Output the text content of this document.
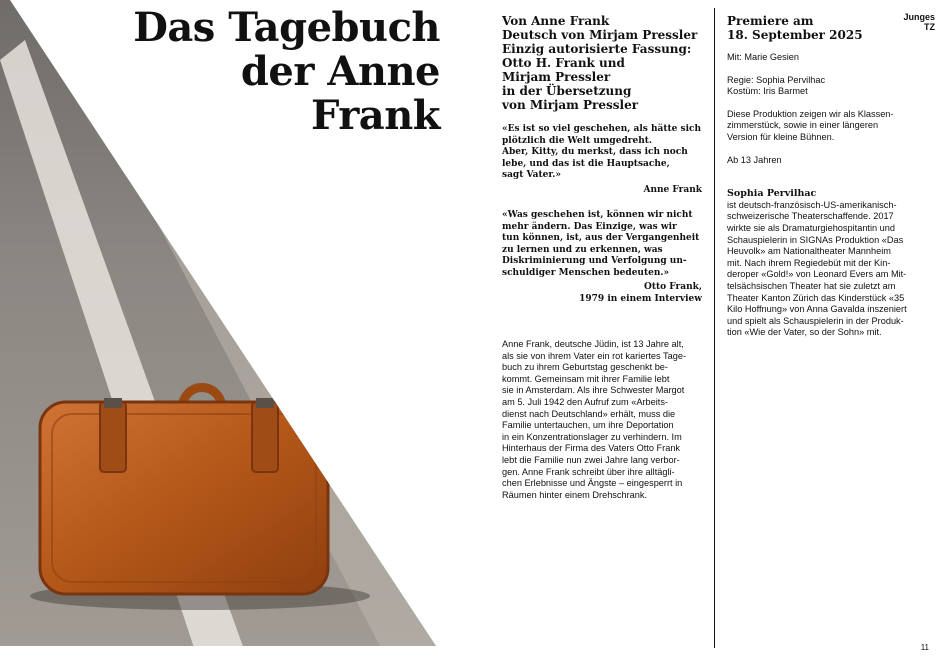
Das Tagebuch
der Anne Frank
Von Anne Frank
Deutsch von Mirjam Pressler
Einzig autorisierte Fassung:
Otto H. Frank und
Mirjam Pressler
in der Übersetzung
von Mirjam Pressler
«Es ist so viel geschehen, als hätte sich
plötzlich die Welt umgedreht.
Aber, Kitty, du merkst, dass ich noch
lebe, und das ist die Hauptsache,
sagt Vater.»
Anne Frank
«Was geschehen ist, können wir nicht
mehr ändern. Das Einzige, was wir
tun können, ist, aus der Vergangenheit
zu lernen und zu erkennen, was
Diskriminierung und Verfolgung un-
schuldiger Menschen bedeuten.»
Otto Frank,
1979 in einem Interview
Anne Frank, deutsche Jüdin, ist 13 Jahre alt,
als sie von ihrem Vater ein rot kariertes Tage-
buch zu ihrem Geburtstag geschenkt be-
kommt. Gemeinsam mit ihrer Familie lebt
sie in Amsterdam. Als ihre Schwester Margot
am 5. Juli 1942 den Aufruf zum «Arbeits-
dienst nach Deutschland» erhält, muss die
Familie untertauchen, um ihre Deportation
in ein Konzentrationslager zu verhindern. Im
Hinterhaus der Firma des Vaters Otto Frank
lebt die Familie nun zwei Jahre lang verbor-
gen. Anne Frank schreibt über ihre alltägli-
chen Erlebnisse und Ängste – eingesperrt in
Räumen hinter einem Drehschrank.
Premiere am
18. September 2025
Mit: Marie Gesien
Regie: Sophia Pervilhac
Kostüm: Iris Barmet
Diese Produktion zeigen wir als Klassen-
zimmerstück, sowie in einer längeren
Version für kleine Bühnen.
Ab 13 Jahren
Sophia Pervilhac
ist deutsch-französisch-US-amerikanisch-
schweizerische Theaterschaffende. 2017
wirkte sie als Dramaturgiehospitantin und
Schauspielerin in SIGNAs Produktion «Das
Heuvolk» am Nationaltheater Mannheim
mit. Nach ihrem Regiedebüt mit der Kin-
deroper «Gold!» von Leonard Evers am Mit-
telsächsischen Theater hat sie zuletzt am
Theater Kanton Zürich das Kinderstück «35
Kilo Hoffnung» von Anna Gavalda inszeniert
und spielt als Schauspielerin in der Produk-
tion «Wie der Vater, so der Sohn» mit.
Junges
TZ
11
